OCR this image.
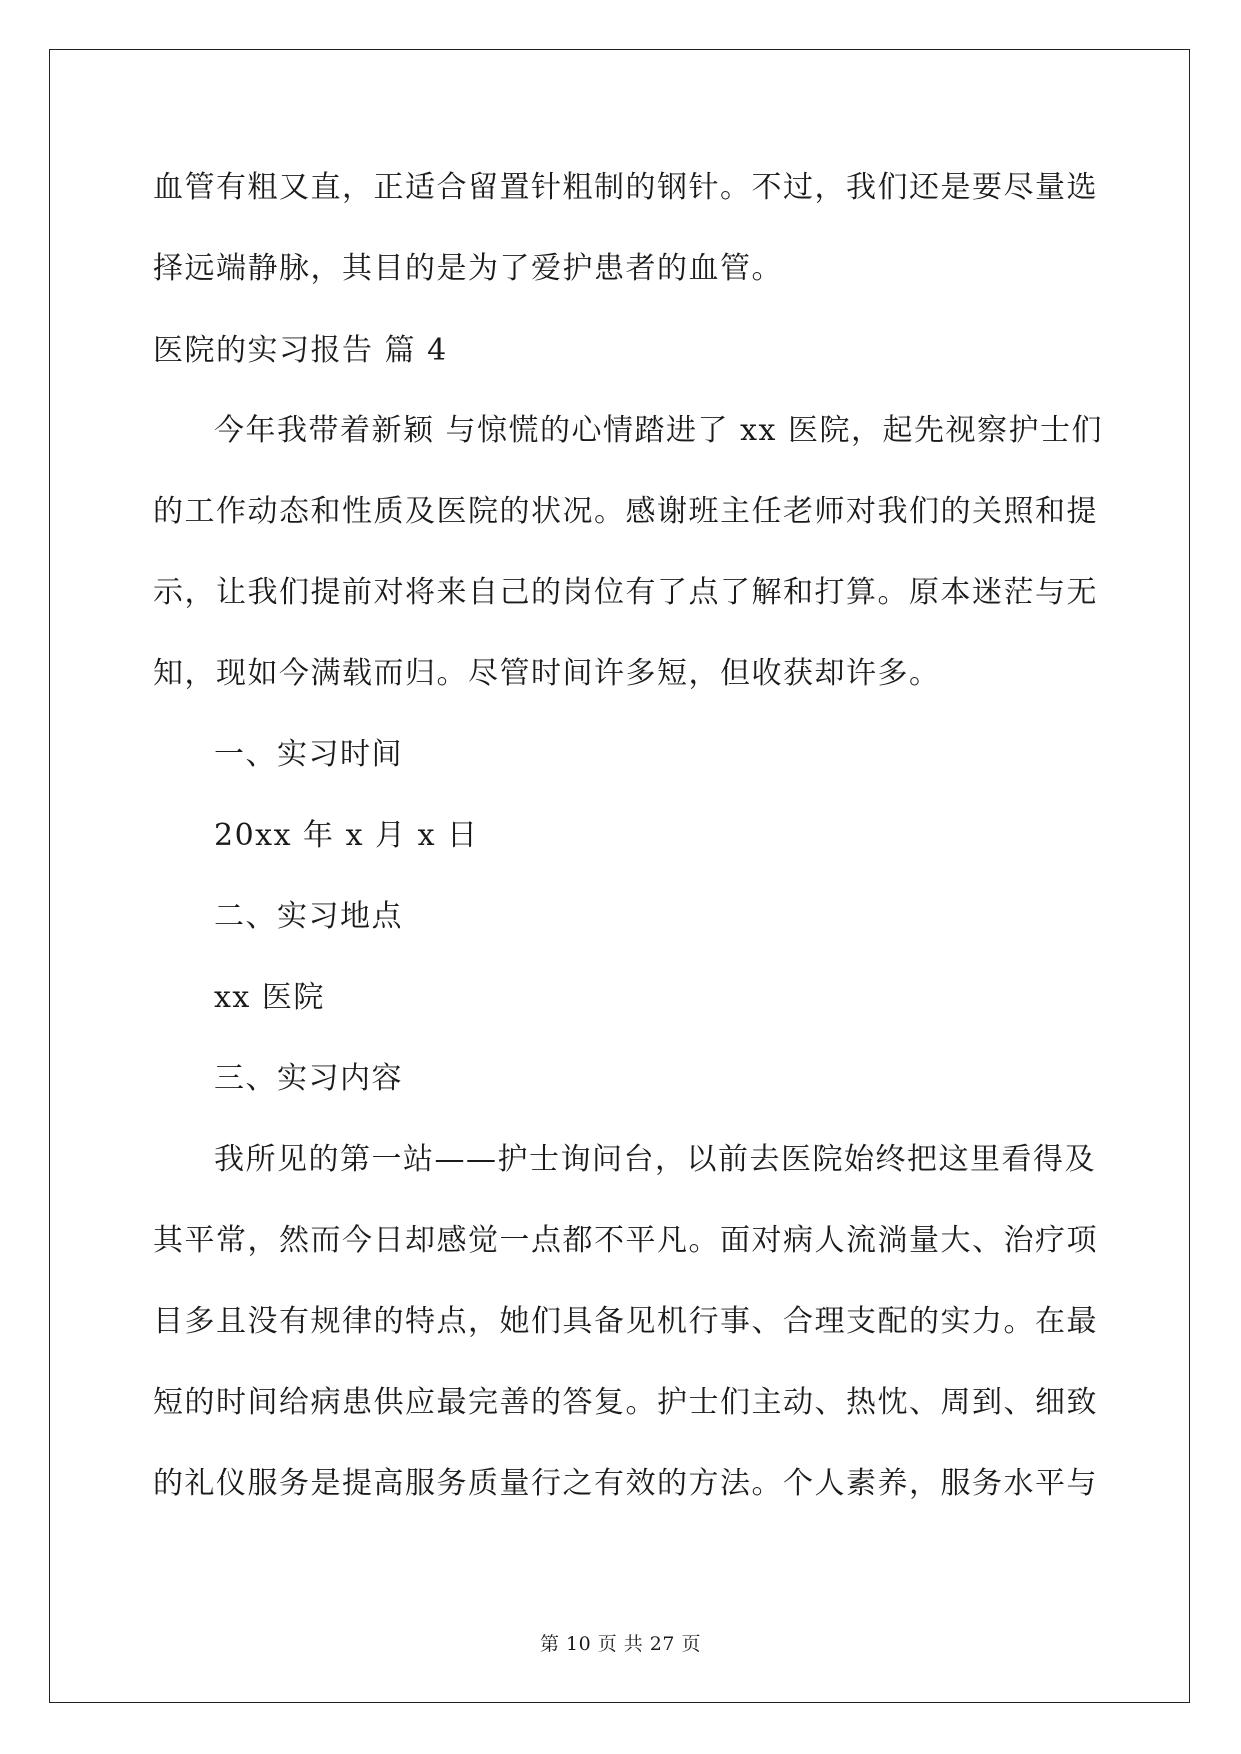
血管有粗又直，正适合留置针粗制的钢针。不过，我们还是要尽量选
择远端静脉，其目的是为了爱护患者的血管。
医院的实习报告 篇 4
今年我带着新颖 与惊慌的心情踏进了 xx 医院，起先视察护士们
的工作动态和性质及医院的状况。感谢班主任老师对我们的关照和提
示，让我们提前对将来自己的岗位有了点了解和打算。原本迷茫与无
知，现如今满载而归。尽管时间许多短，但收获却许多。
一、实习时间
20xx 年 x 月 x 日
二、实习地点
xx 医院
三、实习内容
我所见的第一站——护士询问台，以前去医院始终把这里看得及
其平常，然而今日却感觉一点都不平凡。面对病人流淌量大、治疗项
目多且没有规律的特点，她们具备见机行事、合理支配的实力。在最
短的时间给病患供应最完善的答复。护士们主动、热忱、周到、细致
的礼仪服务是提高服务质量行之有效的方法。个人素养，服务水平与
第 10 页 共 27 页
